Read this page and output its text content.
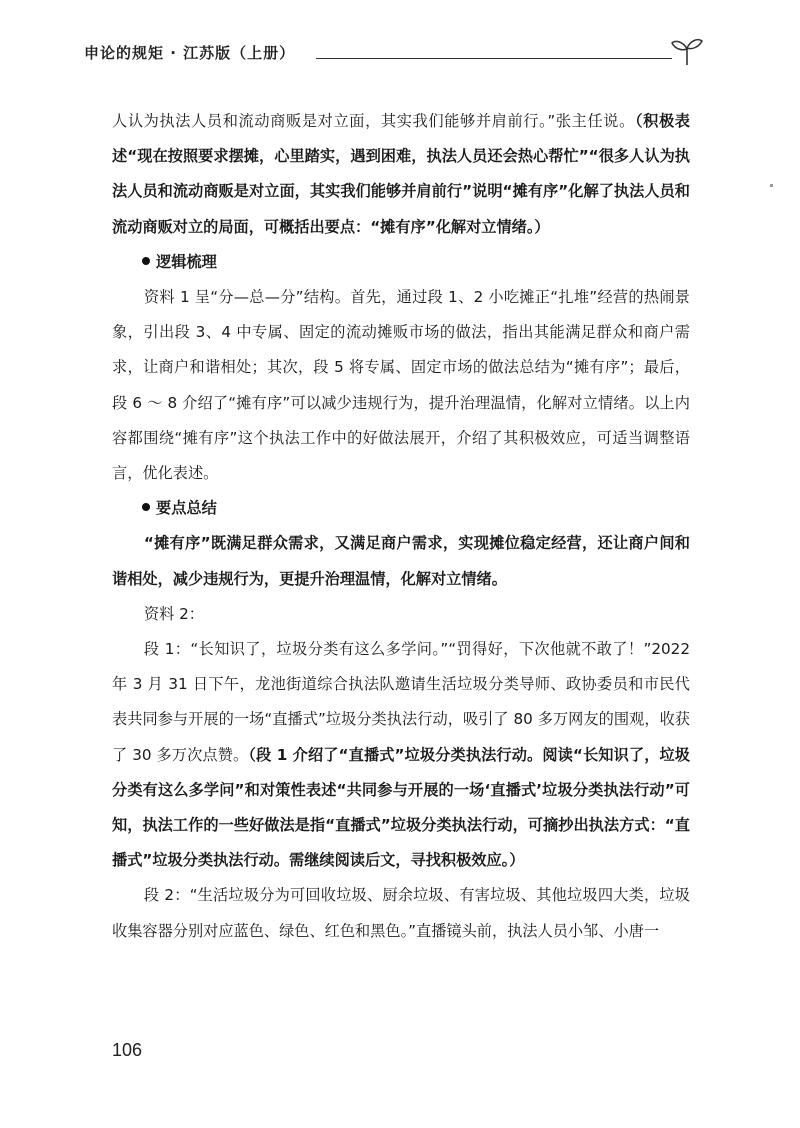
申论的规矩 · 江苏版（上册）

人认为执法人员和流动商贩是对立面，其实我们能够并肩前行。”张主任说。（积极表述“现在按照要求摆摊，心里踏实，遇到困难，执法人员还会热心帮忙”“很多人认为执法人员和流动商贩是对立面，其实我们能够并肩前行”说明“摊有序”化解了执法人员和流动商贩对立的局面，可概括出要点：“摊有序”化解对立情绪。）

逻辑梳理

资料 1 呈“分—总—分”结构。首先，通过段 1、2 小吃摊正“扎堆”经营的热闹景象，引出段 3、4 中专属、固定的流动摊贩市场的做法，指出其能满足群众和商户需求，让商户和谐相处；其次，段 5 将专属、固定市场的做法总结为“摊有序”；最后，段 6 ～ 8 介绍了“摊有序”可以减少违规行为，提升治理温情，化解对立情绪。以上内容都围绕“摊有序”这个执法工作中的好做法展开，介绍了其积极效应，可适当调整语言，优化表述。

要点总结

“摊有序”既满足群众需求，又满足商户需求，实现摊位稳定经营，还让商户间和谐相处，减少违规行为，更提升治理温情，化解对立情绪。

资料 2：

段 1：“长知识了，垃圾分类有这么多学问。”“罚得好，下次他就不敢了！”2022 年 3 月 31 日下午，龙池街道综合执法队邀请生活垃圾分类导师、政协委员和市民代表共同参与开展的一场“直播式”垃圾分类执法行动，吸引了 80 多万网友的围观，收获了 30 多万次点赞。（段 1 介绍了“直播式”垃圾分类执法行动。阅读“长知识了，垃圾分类有这么多学问”和对策性表述“共同参与开展的一场‘直播式’垃圾分类执法行动”可知，执法工作的一些好做法是指“直播式”垃圾分类执法行动，可摘抄出执法方式：“直播式”垃圾分类执法行动。需继续阅读后文，寻找积极效应。）

段 2：“生活垃圾分为可回收垃圾、厨余垃圾、有害垃圾、其他垃圾四大类，垃圾收集容器分别对应蓝色、绿色、红色和黑色。”直播镜头前，执法人员小邹、小唐一

106
